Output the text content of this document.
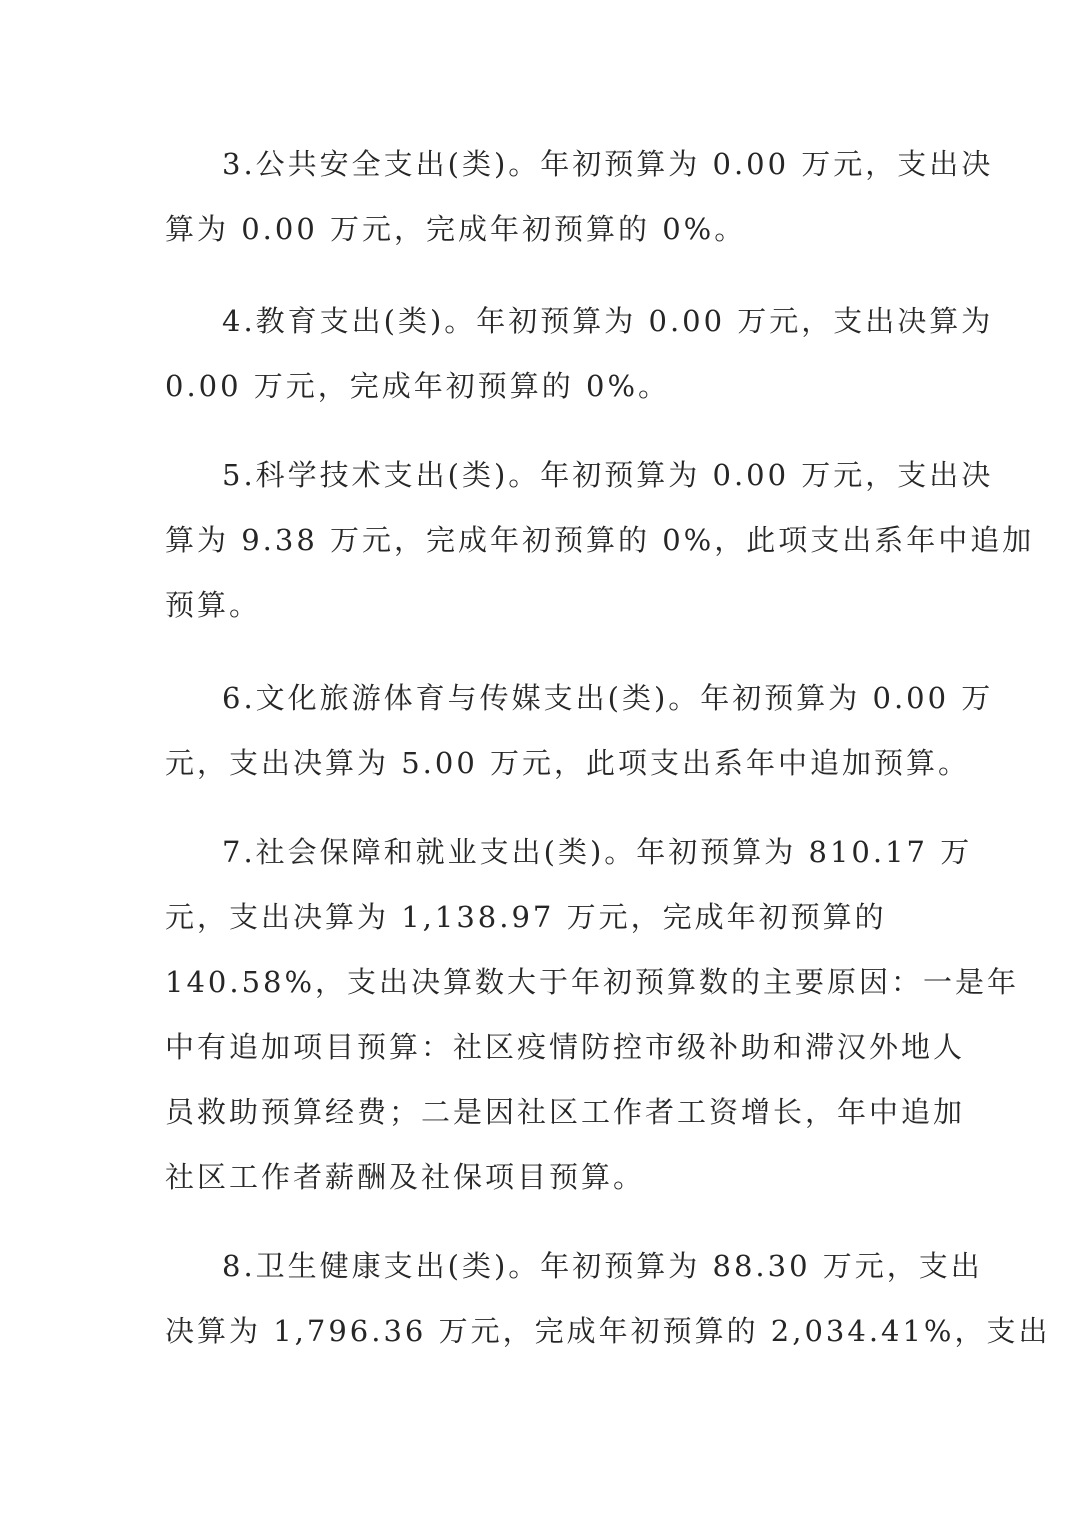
3.公共安全支出(类)。年初预算为 0.00 万元，支出决

算为 0.00 万元，完成年初预算的 0%。

4.教育支出(类)。年初预算为 0.00 万元，支出决算为

0.00 万元，完成年初预算的 0%。

5.科学技术支出(类)。年初预算为 0.00 万元，支出决

算为 9.38 万元，完成年初预算的 0%，此项支出系年中追加

预算。

6.文化旅游体育与传媒支出(类)。年初预算为 0.00 万

元，支出决算为 5.00 万元，此项支出系年中追加预算。

7.社会保障和就业支出(类)。年初预算为 810.17 万

元，支出决算为 1,138.97 万元，完成年初预算的

140.58%，支出决算数大于年初预算数的主要原因：一是年

中有追加项目预算：社区疫情防控市级补助和滞汉外地人

员救助预算经费；二是因社区工作者工资增长，年中追加

社区工作者薪酬及社保项目预算。

8.卫生健康支出(类)。年初预算为 88.30 万元，支出

决算为 1,796.36 万元，完成年初预算的 2,034.41%，支出
